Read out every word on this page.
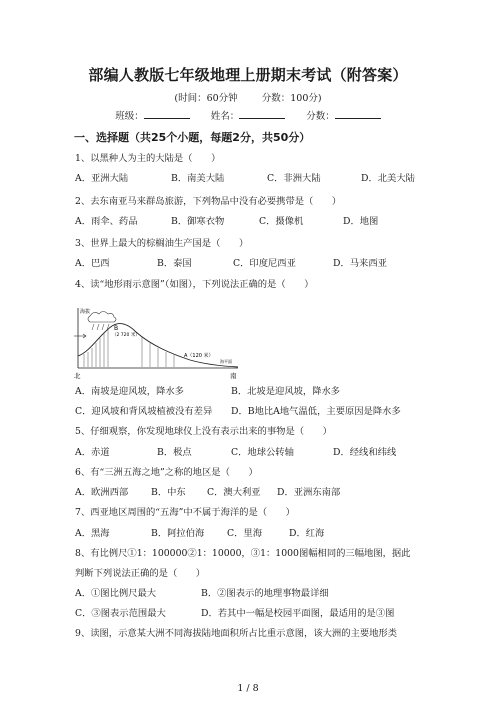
部编人教版七年级地理上册期末考试（附答案）
(时间：60分钟	分数：100分)
班级：	姓名：	分数：
一、选择题（共25个小题，每题2分，共50分）
1、以黑种人为主的大陆是（　　）
A．亚洲大陆	B．南美大陆	C．非洲大陆	D．北美大陆
2、去东南亚马来群岛旅游，下列物品中没有必要携带是（　　）
A．雨伞、药品	B．御寒衣物	C．摄像机	D．地图
3、世界上最大的棕榈油生产国是（　　）
A．巴西	B．泰国	C．印度尼西亚	D．马来西亚
4、读“地形雨示意图”（如图），下列说法正确的是（　　）
海拔
B
（2 720 米）
A（120 米）
海平面
北	南
A．南坡是迎风坡，降水多	B．北坡是迎风坡，降水多
C．迎风坡和背风坡植被没有差异 D．B地比A地气温低，主要原因是降水多
5、仔细观察，你发现地球仪上没有表示出来的事物是（　　）
A．赤道	B．极点	C．地球公转轴	D．经线和纬线
6、有“三洲五海之地”之称的地区是（　　）
A．欧洲西部 B．中东 C．澳大利亚 D．亚洲东南部
7、西亚地区周围的“五海”中不属于海洋的是（　　）
A．黑海	B．阿拉伯海 C．里海	D．红海
8、有比例尺①1：100000②1：10000，③1：1000图幅相同的三幅地图，据此
判断下列说法正确的是（　　）
A．①图比例尺最大	B．②图表示的地理事物最详细
C．③图表示范围最大	D．若其中一幅是校园平面图，最适用的是③图
9、读图，示意某大洲不同海拔陆地面积所占比重示意图，该大洲的主要地形类
1 / 8
